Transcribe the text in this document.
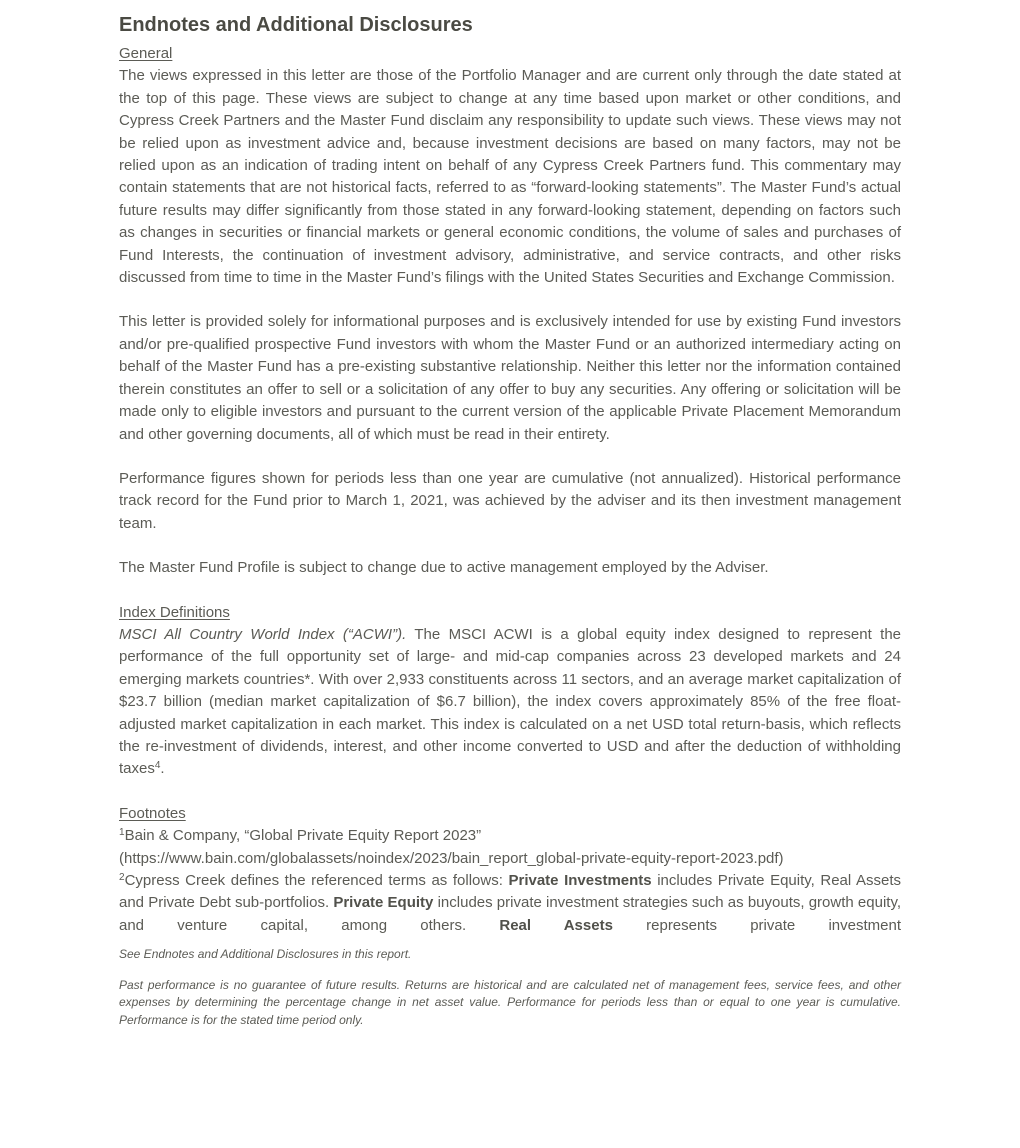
Endnotes and Additional Disclosures
General

The views expressed in this letter are those of the Portfolio Manager and are current only through the date stated at the top of this page. These views are subject to change at any time based upon market or other conditions, and Cypress Creek Partners and the Master Fund disclaim any responsibility to update such views. These views may not be relied upon as investment advice and, because investment decisions are based on many factors, may not be relied upon as an indication of trading intent on behalf of any Cypress Creek Partners fund. This commentary may contain statements that are not historical facts, referred to as “forward-looking statements”. The Master Fund’s actual future results may differ significantly from those stated in any forward-looking statement, depending on factors such as changes in securities or financial markets or general economic conditions, the volume of sales and purchases of Fund Interests, the continuation of investment advisory, administrative, and service contracts, and other risks discussed from time to time in the Master Fund’s filings with the United States Securities and Exchange Commission.

This letter is provided solely for informational purposes and is exclusively intended for use by existing Fund investors and/or pre-qualified prospective Fund investors with whom the Master Fund or an authorized intermediary acting on behalf of the Master Fund has a pre-existing substantive relationship. Neither this letter nor the information contained therein constitutes an offer to sell or a solicitation of any offer to buy any securities. Any offering or solicitation will be made only to eligible investors and pursuant to the current version of the applicable Private Placement Memorandum and other governing documents, all of which must be read in their entirety.

Performance figures shown for periods less than one year are cumulative (not annualized). Historical performance track record for the Fund prior to March 1, 2021, was achieved by the adviser and its then investment management team.

The Master Fund Profile is subject to change due to active management employed by the Adviser.

Index Definitions

MSCI All Country World Index (“ACWI”). The MSCI ACWI is a global equity index designed to represent the performance of the full opportunity set of large- and mid-cap companies across 23 developed markets and 24 emerging markets countries*. With over 2,933 constituents across 11 sectors, and an average market capitalization of $23.7 billion (median market capitalization of $6.7 billion), the index covers approximately 85% of the free float-adjusted market capitalization in each market. This index is calculated on a net USD total return-basis, which reflects the re-investment of dividends, interest, and other income converted to USD and after the deduction of withholding taxes$^4$.

Footnotes

$^1$Bain & Company, “Global Private Equity Report 2023”

(https://www.bain.com/globalassets/noindex/2023/bain_report_global-private-equity-report-2023.pdf)

$^2$Cypress Creek defines the referenced terms as follows: Private Investments includes Private Equity, Real Assets and Private Debt sub-portfolios. Private Equity includes private investment strategies such as buyouts, growth equity, and venture capital, among others. Real Assets represents private investment

See Endnotes and Additional Disclosures in this report.

Past performance is no guarantee of future results. Returns are historical and are calculated net of management fees, service fees, and other expenses by determining the percentage change in net asset value. Performance for periods less than or equal to one year is cumulative. Performance is for the stated time period only.
